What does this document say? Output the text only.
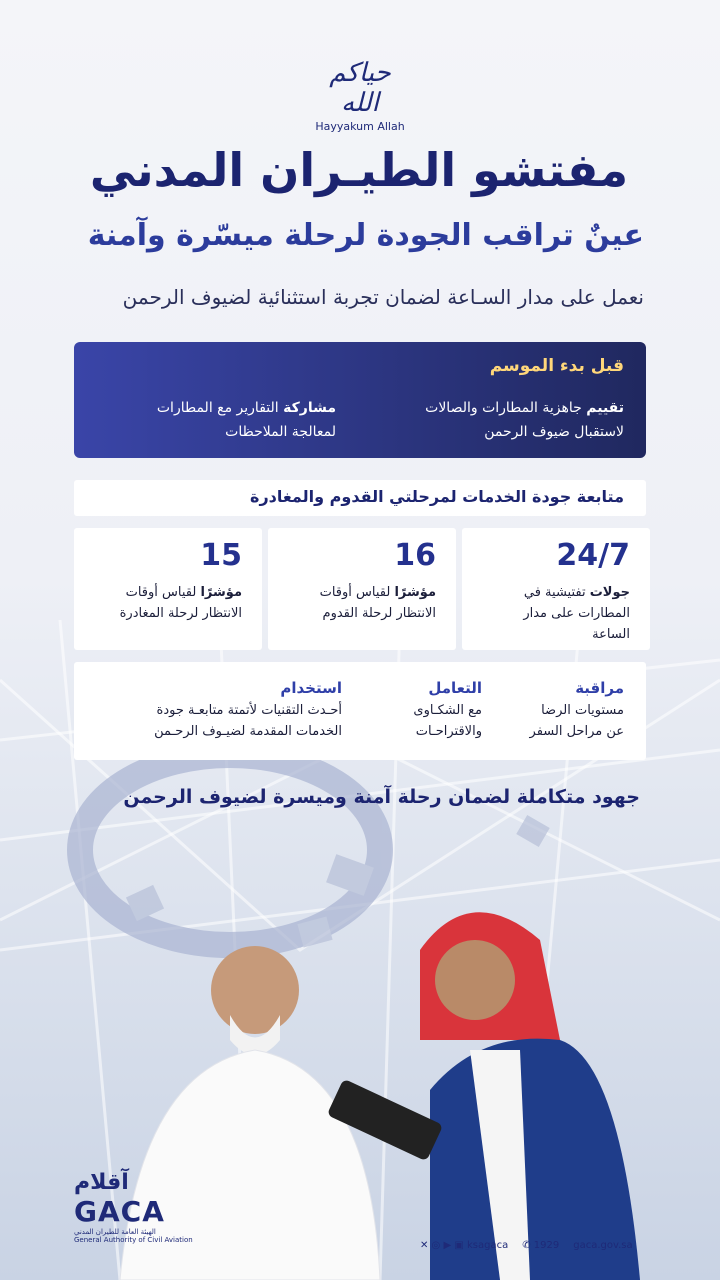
حياكم الله
Hayyakum Allah
مفتشو الطيـران المدني
عينٌ تراقب الجودة لرحلة ميسّرة وآمنة
نعمل على مدار السـاعة لضمان تجربة استثنائية لضيوف الرحمن
قبل بدء الموسم
تقييم جاهزية المطارات والصالات
لاستقبال ضيوف الرحمن
مشاركة التقارير مع المطارات
لمعالجة الملاحظات
متابعة جودة الخدمات لمرحلتي القدوم والمغادرة
24/7
جولات تفتيشية في
المطارات على مدار
الساعة
16
مؤشرًا لقياس أوقات
الانتظار لرحلة القدوم
15
مؤشرًا لقياس أوقات
الانتظار لرحلة المغادرة
مراقبة
مستويات الرضا
عن مراحل السفر
التعامل
مع الشكـاوى
والاقتراحـات
استخدام
أحـدث التقنيات لأتمتة متابعـة جودة
الخدمات المقدمة لضيـوف الرحـمن
جهود متكاملة لضمان رحلة آمنة وميسرة لضيوف الرحمن
آقلام
GACA
الهيئة العامة للطيران المدني
General Authority of Civil Aviation	✕ ◎ ▶ ▣ ksagaca ✆ 1929 gaca.gov.sa
